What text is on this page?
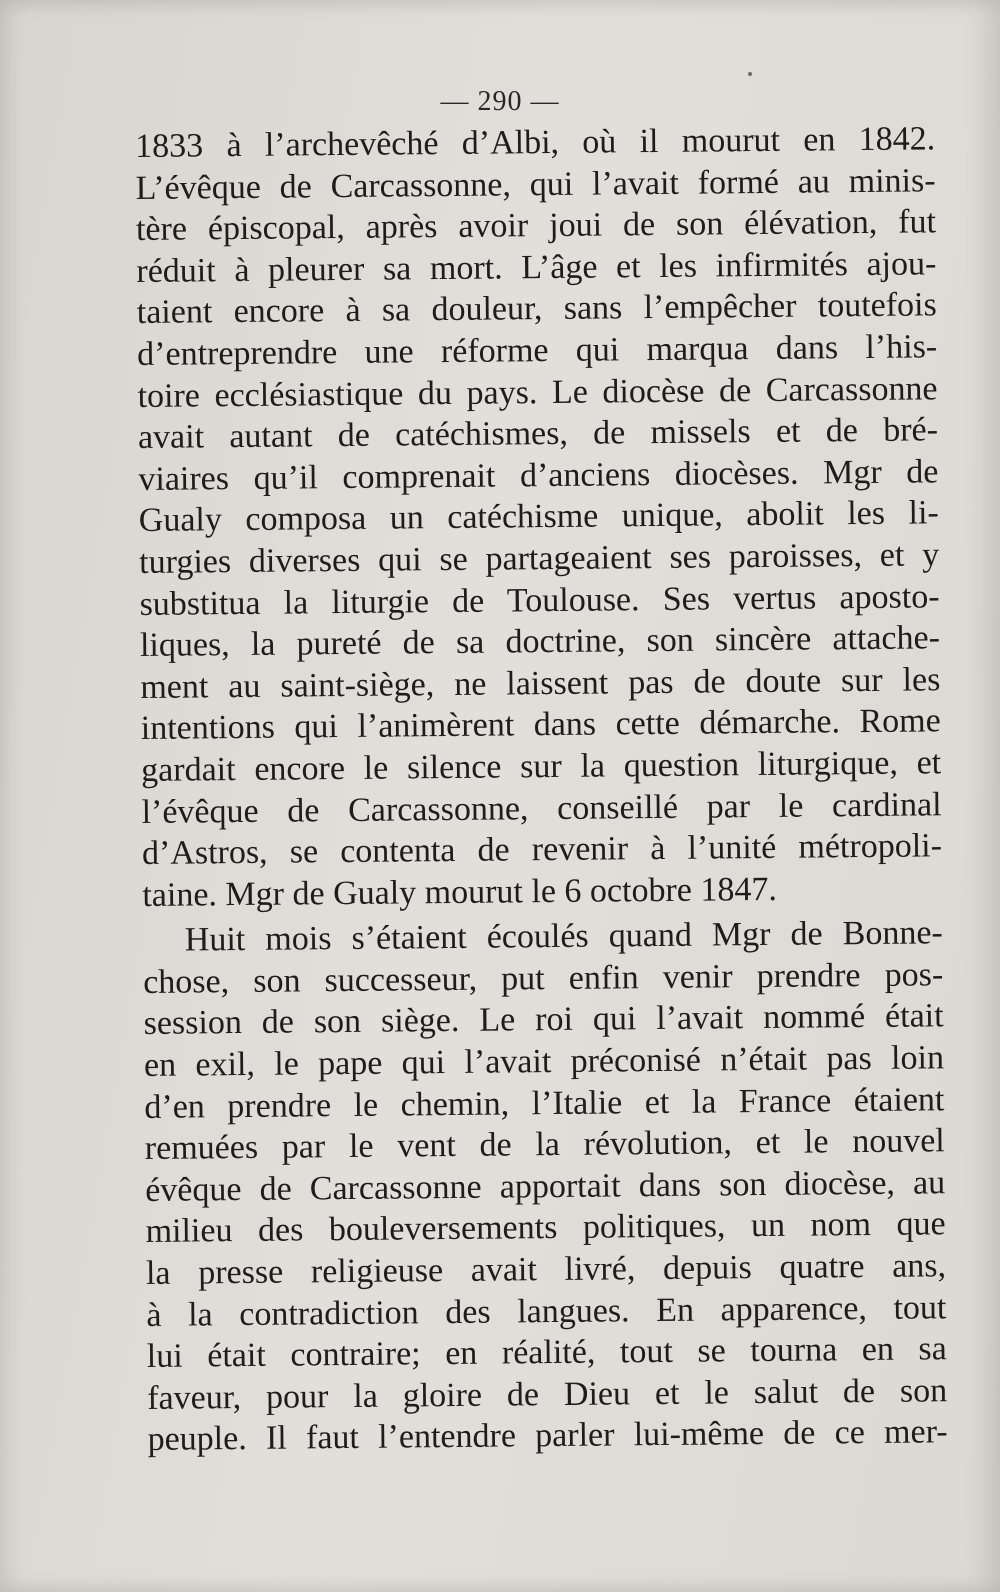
— 290 —
1833 à l’archevêché d’Albi, où il mourut en 1842.
L’évêque de Carcassonne, qui l’avait formé au minis-
tère épiscopal, après avoir joui de son élévation, fut
réduit à pleurer sa mort. L’âge et les infirmités ajou-
taient encore à sa douleur, sans l’empêcher toutefois
d’entreprendre une réforme qui marqua dans l’his-
toire ecclésiastique du pays. Le diocèse de Carcassonne
avait autant de catéchismes, de missels et de bré-
viaires qu’il comprenait d’anciens diocèses. Mgr de
Gualy composa un catéchisme unique, abolit les li-
turgies diverses qui se partageaient ses paroisses, et y
substitua la liturgie de Toulouse. Ses vertus aposto-
liques, la pureté de sa doctrine, son sincère attache-
ment au saint-siège, ne laissent pas de doute sur les
intentions qui l’animèrent dans cette démarche. Rome
gardait encore le silence sur la question liturgique, et
l’évêque de Carcassonne, conseillé par le cardinal
d’Astros, se contenta de revenir à l’unité métropoli-
taine. Mgr de Gualy mourut le 6 octobre 1847.
Huit mois s’étaient écoulés quand Mgr de Bonne-
chose, son successeur, put enfin venir prendre pos-
session de son siège. Le roi qui l’avait nommé était
en exil, le pape qui l’avait préconisé n’était pas loin
d’en prendre le chemin, l’Italie et la France étaient
remuées par le vent de la révolution, et le nouvel
évêque de Carcassonne apportait dans son diocèse, au
milieu des bouleversements politiques, un nom que
la presse religieuse avait livré, depuis quatre ans,
à la contradiction des langues. En apparence, tout
lui était contraire; en réalité, tout se tourna en sa
faveur, pour la gloire de Dieu et le salut de son
peuple. Il faut l’entendre parler lui-même de ce mer-
